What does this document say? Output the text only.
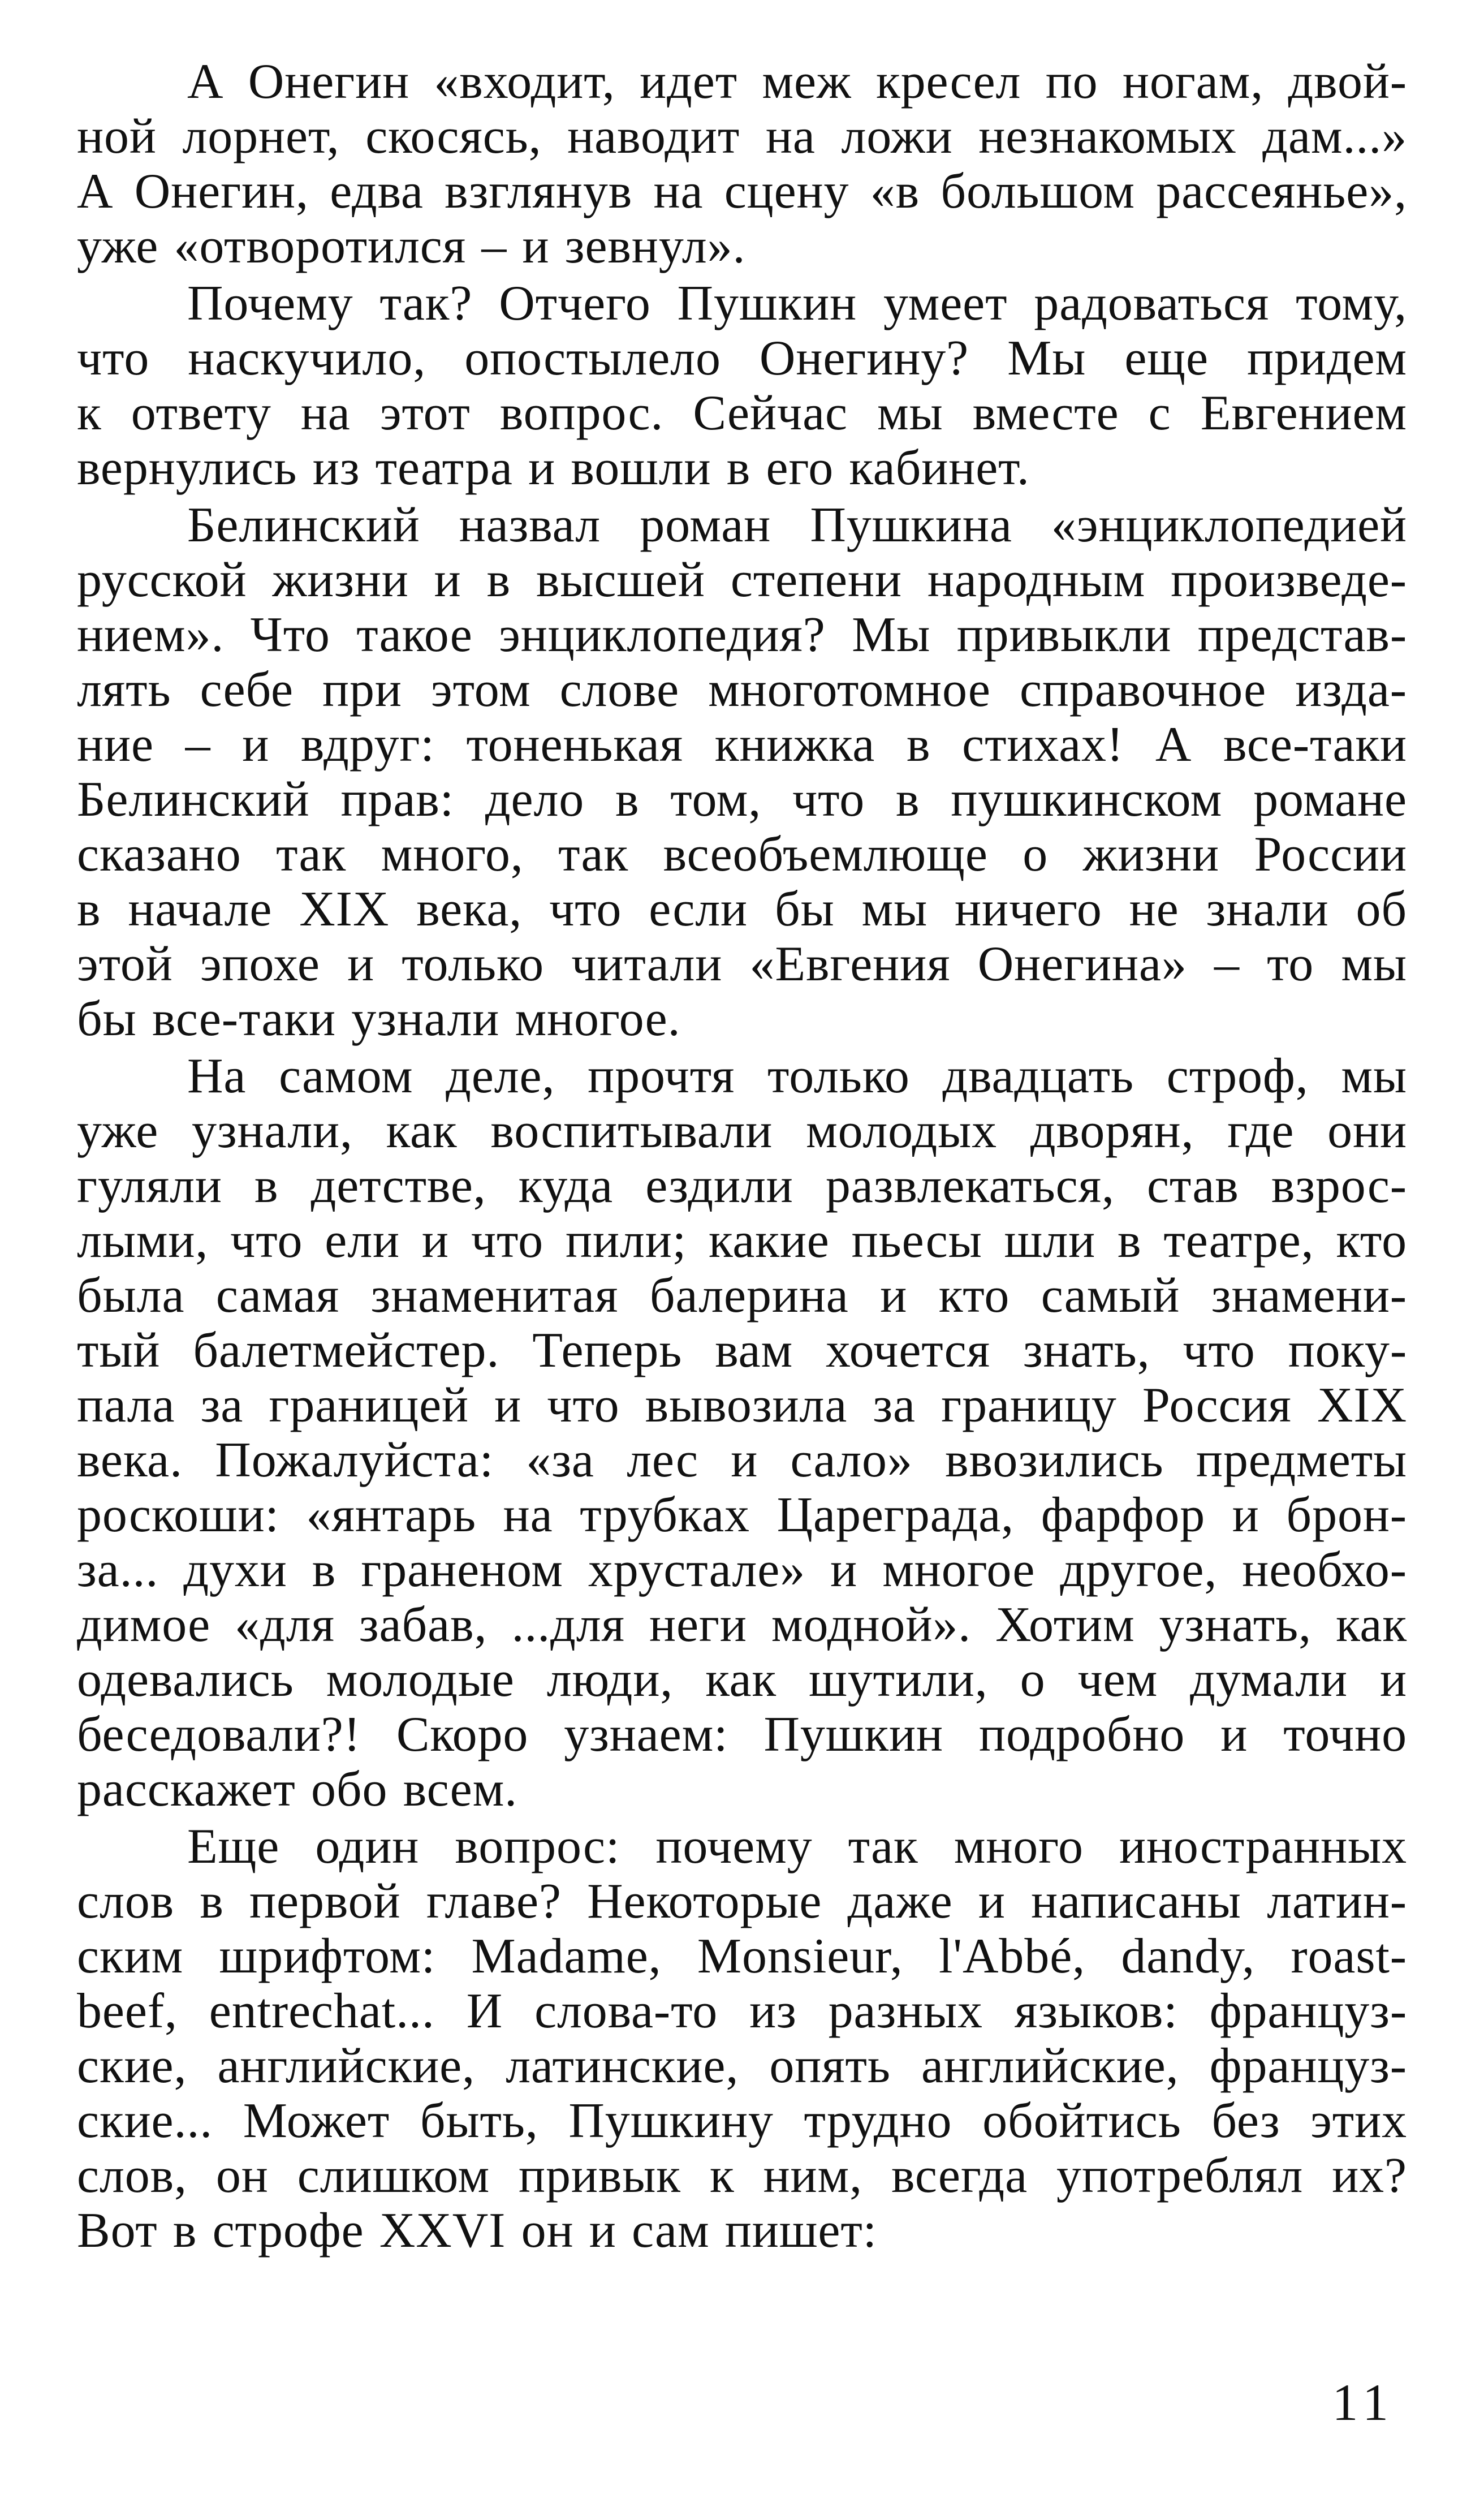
А Онегин «входит, идет меж кресел по ногам, двой-
ной лорнет, скосясь, наводит на ложи незнакомых дам...»
А Онегин, едва взглянув на сцену «в большом рассеянье»,
уже «отворотился – и зевнул».
Почему так? Отчего Пушкин умеет радоваться тому,
что наскучило, опостылело Онегину? Мы еще придем
к ответу на этот вопрос. Сейчас мы вместе с Евгением
вернулись из театра и вошли в его кабинет.
Белинский назвал роман Пушкина «энциклопедией
русской жизни и в высшей степени народным произведе-
нием». Что такое энциклопедия? Мы привыкли представ-
лять себе при этом слове многотомное справочное изда-
ние – и вдруг: тоненькая книжка в стихах! А все-таки
Белинский прав: дело в том, что в пушкинском романе
сказано так много, так всеобъемлюще о жизни России
в начале XIX века, что если бы мы ничего не знали об
этой эпохе и только читали «Евгения Онегина» – то мы
бы все-таки узнали многое.
На самом деле, прочтя только двадцать строф, мы
уже узнали, как воспитывали молодых дворян, где они
гуляли в детстве, куда ездили развлекаться, став взрос-
лыми, что ели и что пили; какие пьесы шли в театре, кто
была самая знаменитая балерина и кто самый знамени-
тый балетмейстер. Теперь вам хочется знать, что поку-
пала за границей и что вывозила за границу Россия XIX
века. Пожалуйста: «за лес и сало» ввозились предметы
роскоши: «янтарь на трубках Цареграда, фарфор и брон-
за... духи в граненом хрустале» и многое другое, необхо-
димое «для забав, ...для неги модной». Хотим узнать, как
одевались молодые люди, как шутили, о чем думали и
беседовали?! Скоро узнаем: Пушкин подробно и точно
расскажет обо всем.
Еще один вопрос: почему так много иностранных
слов в первой главе? Некоторые даже и написаны латин-
ским шрифтом: Madame, Monsieur, l'Abbé, dandy, roast-
beef, entrechat... И слова-то из разных языков: француз-
ские, английские, латинские, опять английские, француз-
ские... Может быть, Пушкину трудно обойтись без этих
слов, он слишком привык к ним, всегда употреблял их?
Вот в строфе XXVI он и сам пишет:
11
